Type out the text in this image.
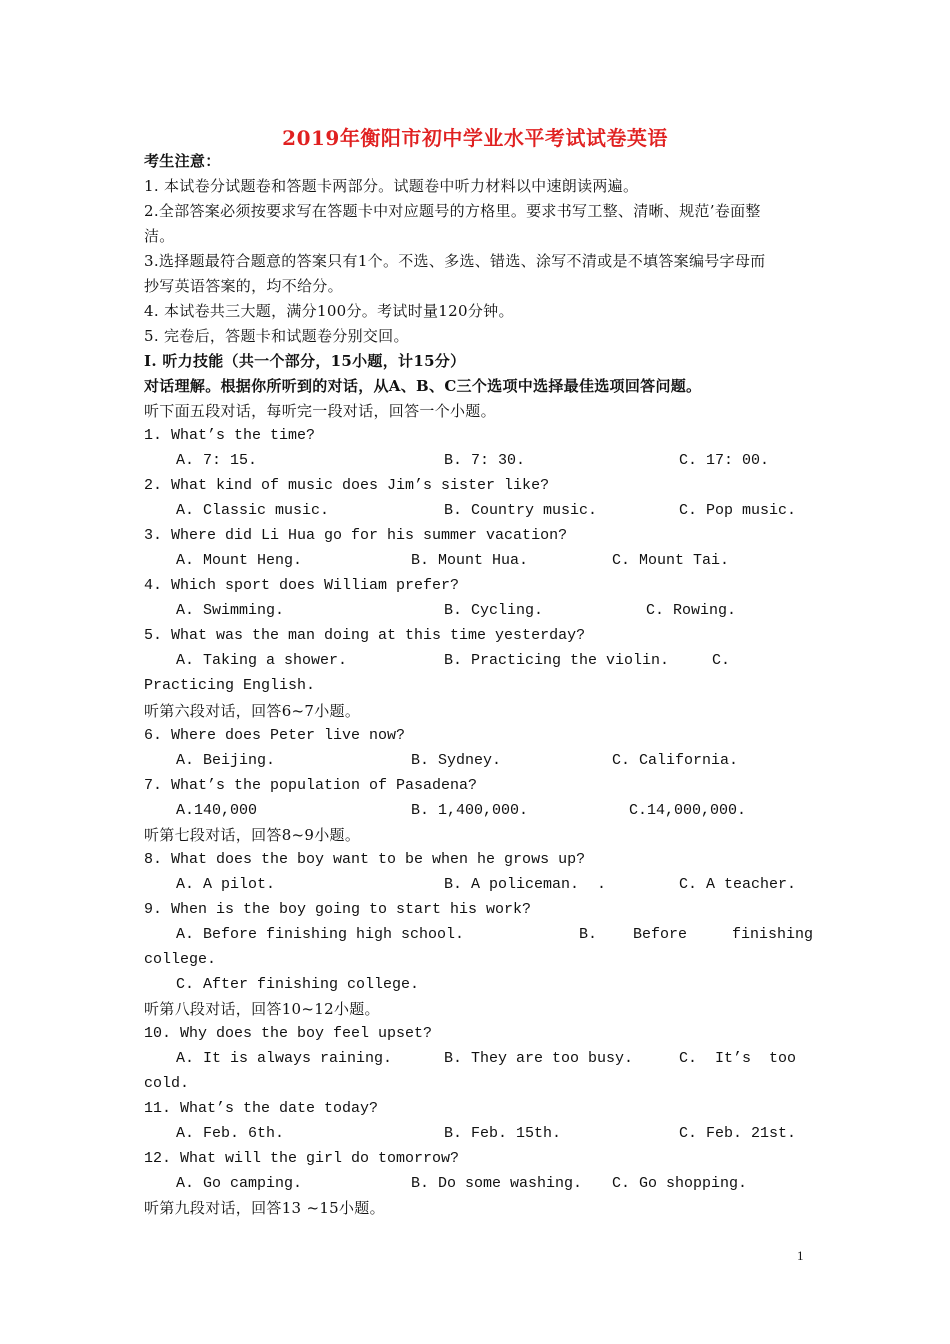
2019年衡阳市初中学业水平考试试卷英语
考生注意：
1. 本试卷分试题卷和答题卡两部分。试题卷中听力材料以中速朗读两遍。
2.全部答案必须按要求写在答题卡中对应题号的方格里。要求书写工整、清晰、规范’卷面整
洁。
3.选择题最符合题意的答案只有1个。不选、多选、错选、涂写不清或是不填答案编号字母而
抄写英语答案的，均不给分。
4. 本试卷共三大题，满分100分。考试时量120分钟。
5. 完卷后，答题卡和试题卷分别交回。
I. 听力技能（共一个部分，15小题，计15分）
对话理解。根据你所听到的对话，从A、B、C三个选项中选择最佳选项回答问题。
听下面五段对话，每听完一段对话，回答一个小题。
1. What’s the time?
A. 7: 15.	B. 7: 30.	C. 17: 00.
2. What kind of music does Jim’s sister like?
A. Classic music.	B. Country music.	C. Pop music.
3. Where did Li Hua go for his summer vacation?
A. Mount Heng.	B. Mount Hua.	C. Mount Tai.
4. Which sport does William prefer?
A. Swimming.	B. Cycling.	C. Rowing.
5. What was the man doing at this time yesterday?
A. Taking a shower.	B. Practicing the violin.	C.
Practicing English.
听第六段对话，回答6~7小题。
6. Where does Peter live now?
A. Beijing.	B. Sydney.	C. California.
7. What’s the population of Pasadena?
A.140,000	B. 1,400,000.	C.14,000,000.
听第七段对话，回答8~9小题。
8. What does the boy want to be when he grows up?
A. A pilot.	B. A policeman.  .	C. A teacher.
9. When is the boy going to start his work?
A. Before finishing high school.	B.    Before     finishing
college.
C. After finishing college.
听第八段对话，回答10~12小题。
10. Why does the boy feel upset?
A. It is always raining.	B. They are too busy.	C.  It’s  too
cold.
11. What’s the date today?
A. Feb. 6th.	B. Feb. 15th.	C. Feb. 21st.
12. What will the girl do tomorrow?
A. Go camping.	B. Do some washing. C. Go shopping.
听第九段对话，回答13 ~15小题。
1
